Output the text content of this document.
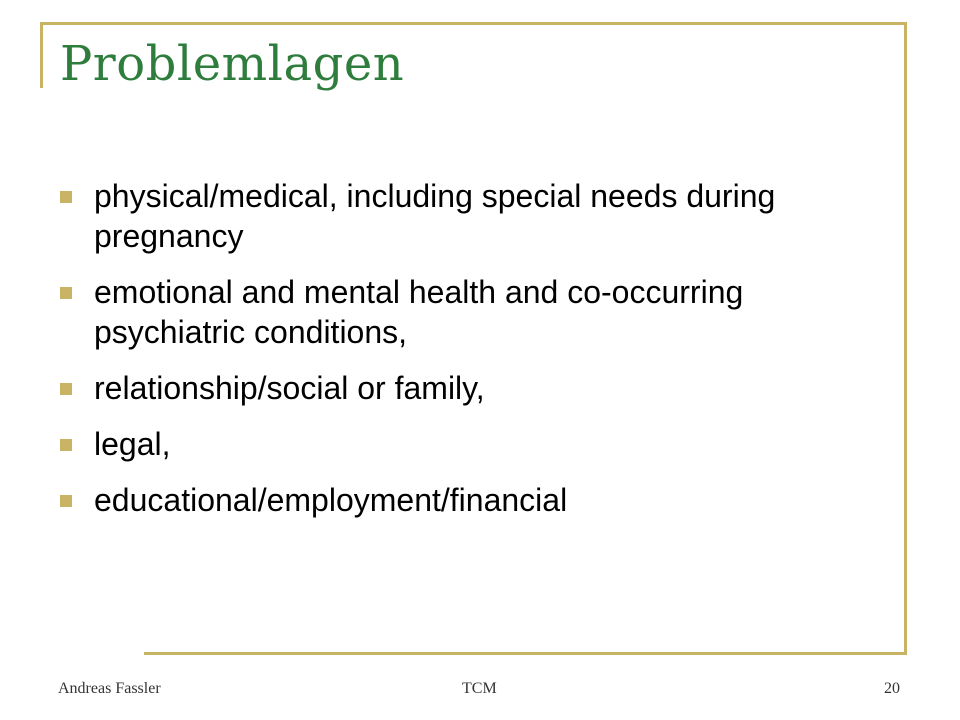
Problemlagen
physical/medical, including special needs during pregnancy
emotional and mental health and co-occurring psychiatric conditions,
relationship/social or family,
legal,
educational/employment/financial
Andreas Fassler	TCM	20
